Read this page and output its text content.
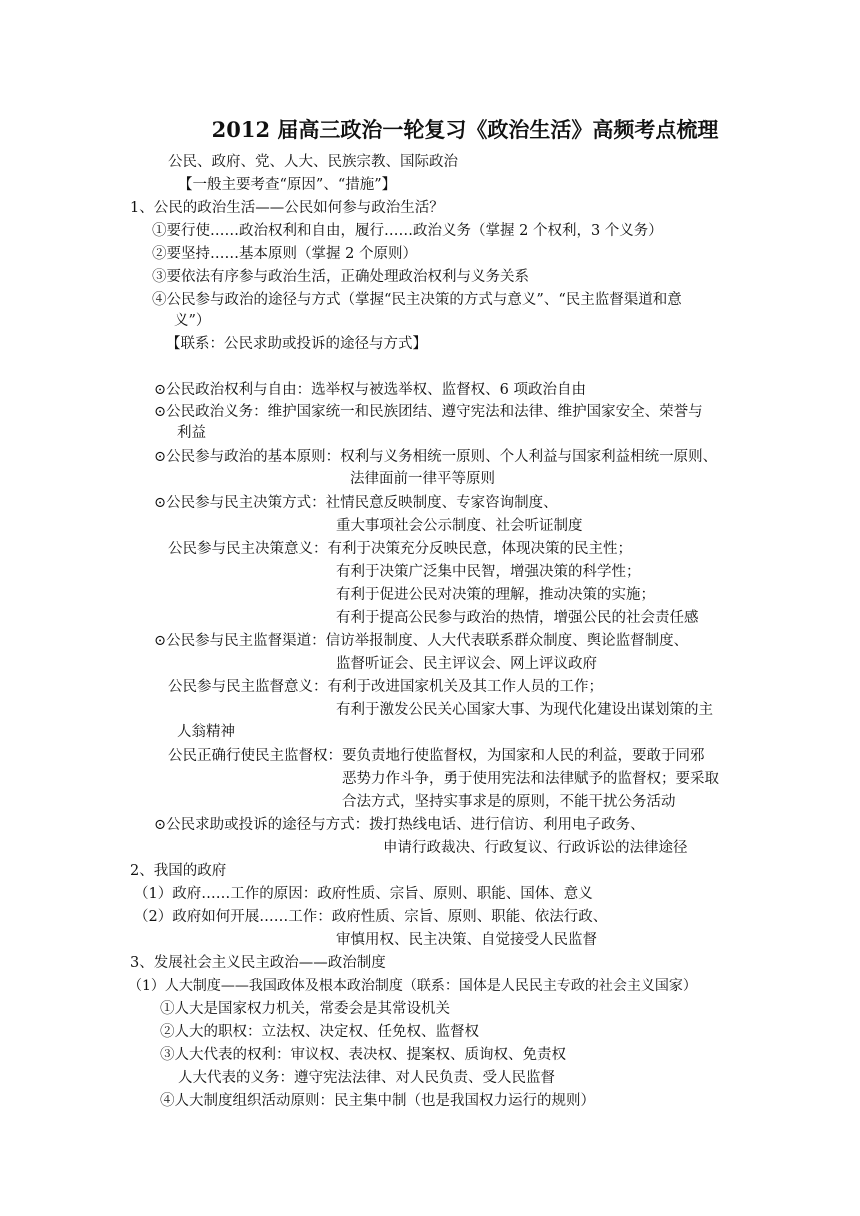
2012 届高三政治一轮复习《政治生活》高频考点梳理
公民、政府、党、人大、民族宗教、国际政治
【一般主要考查“原因”、“措施”】
1、公民的政治生活——公民如何参与政治生活？
①要行使……政治权利和自由，履行……政治义务（掌握 2 个权利，3 个义务）
②要坚持……基本原则（掌握 2 个原则）
③要依法有序参与政治生活，正确处理政治权利与义务关系
④公民参与政治的途径与方式（掌握“民主决策的方式与意义”、“民主监督渠道和意
义”）
【联系：公民求助或投诉的途径与方式】
⊙公民政治权利与自由：选举权与被选举权、监督权、6 项政治自由
⊙公民政治义务：维护国家统一和民族团结、遵守宪法和法律、维护国家安全、荣誉与
利益
⊙公民参与政治的基本原则：权利与义务相统一原则、个人利益与国家利益相统一原则、
法律面前一律平等原则
⊙公民参与民主决策方式：社情民意反映制度、专家咨询制度、
重大事项社会公示制度、社会听证制度
公民参与民主决策意义：有利于决策充分反映民意，体现决策的民主性；
有利于决策广泛集中民智，增强决策的科学性；
有利于促进公民对决策的理解，推动决策的实施；
有利于提高公民参与政治的热情，增强公民的社会责任感
⊙公民参与民主监督渠道：信访举报制度、人大代表联系群众制度、舆论监督制度、
监督听证会、民主评议会、网上评议政府
公民参与民主监督意义：有利于改进国家机关及其工作人员的工作；
有利于激发公民关心国家大事、为现代化建设出谋划策的主
人翁精神
公民正确行使民主监督权：要负责地行使监督权，为国家和人民的利益，要敢于同邪
恶势力作斗争，勇于使用宪法和法律赋予的监督权；要采取
合法方式，坚持实事求是的原则，不能干扰公务活动
⊙公民求助或投诉的途径与方式：拨打热线电话、进行信访、利用电子政务、
申请行政裁决、行政复议、行政诉讼的法律途径
2、我国的政府
（1）政府……工作的原因：政府性质、宗旨、原则、职能、国体、意义
（2）政府如何开展……工作：政府性质、宗旨、原则、职能、依法行政、
审慎用权、民主决策、自觉接受人民监督
3、发展社会主义民主政治——政治制度
（1）人大制度——我国政体及根本政治制度（联系：国体是人民民主专政的社会主义国家）
①人大是国家权力机关，常委会是其常设机关
②人大的职权：立法权、决定权、任免权、监督权
③人大代表的权利：审议权、表决权、提案权、质询权、免责权
人大代表的义务：遵守宪法法律、对人民负责、受人民监督
④人大制度组织活动原则：民主集中制（也是我国权力运行的规则）
